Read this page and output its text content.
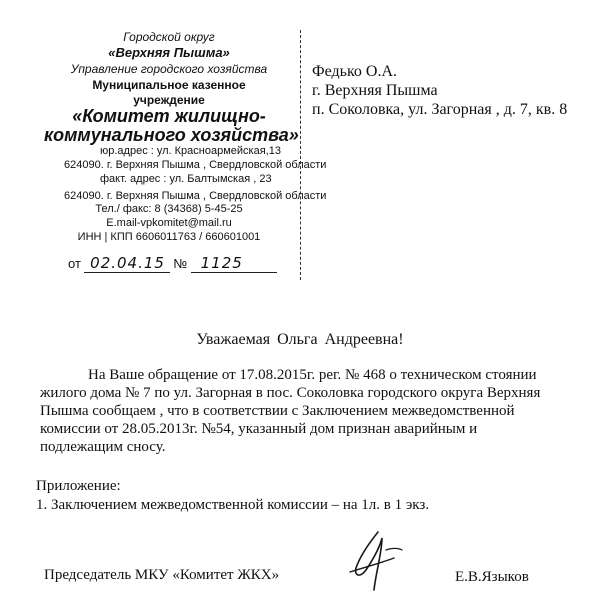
Городской округ
«Верхняя Пышма»
Управление городского хозяйства
Муниципальное казенное
учреждение
«Комитет жилищно-
коммунального хозяйства»
юр.адрес : ул. Красноармейская,13
624090. г. Верхняя Пышма , Свердловской области
факт. адрес : ул. Балтымская , 23
624090. г. Верхняя Пышма , Свердловской области
Тел./ факс: 8 (34368) 5-45-25
E.mail-vpkomitet@mail.ru
ИНН | КПП 6606011763 / 660601001
от 02.04.15 № 1125
Федько О.А.
г. Верхняя Пышма
п. Соколовка, ул. Загорная , д. 7, кв. 8
Уважаемая Ольга Андреевна!
На Ваше обращение от 17.08.2015г. рег. № 468 о техническом стоянии
жилого дома № 7 по ул. Загорная в пос. Соколовка городского округа Верхняя
Пышма сообщаем , что в соответствии с Заключением межведомственной
комиссии от 28.05.2013г. №54, указанный дом признан аварийным и
подлежащим сносу.
Приложение:
1. Заключением межведомственной комиссии – на 1л. в 1 экз.
Председатель МКУ «Комитет ЖКХ»	Е.В.Языков
